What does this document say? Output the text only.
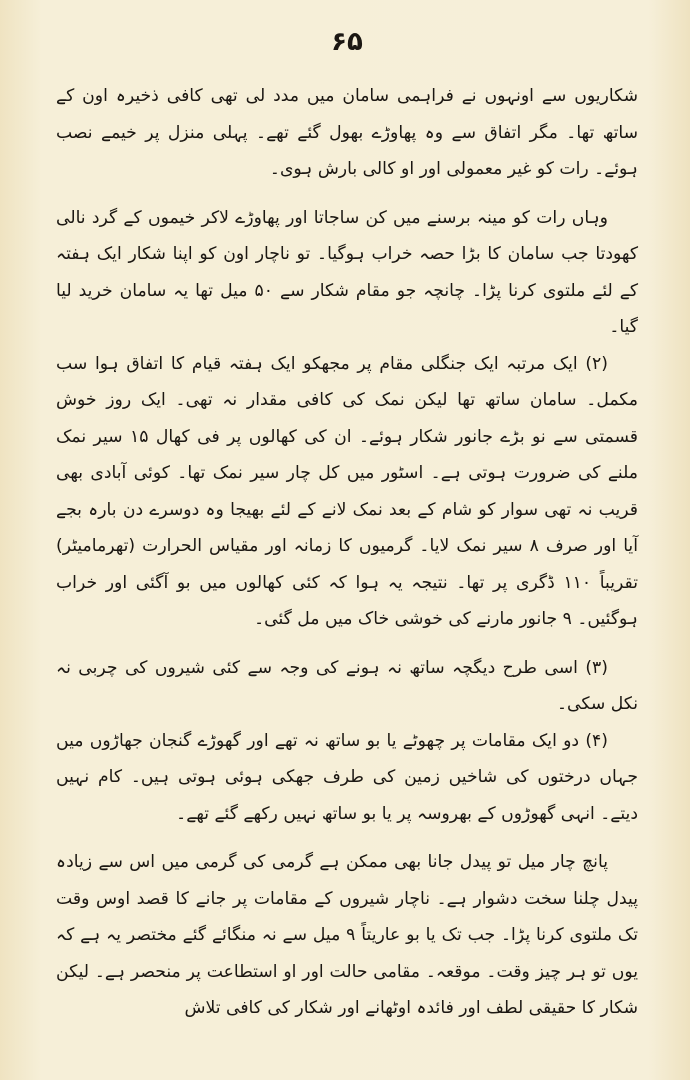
۶۵

شکاریوں سے اونہوں نے فراہمی سامان میں مدد لی تھی کافی ذخیرہ اون کے ساتھ تھا۔ مگر اتفاق سے وہ پھاوڑے بھول گئے تھے۔ پہلی منزل پر خیمے نصب ہوئے۔ رات کو غیر معمولی اور او کالی بارش ہوی۔

وہاں رات کو مینہ برسنے میں کن ساجاتا اور پھاوڑے لاکر خیموں کے گرد نالی کھودتا جب سامان کا بڑا حصہ خراب ہوگیا۔ تو ناچار اون کو اپنا شکار ایک ہفتہ کے لئے ملتوی کرنا پڑا۔ چانچہ جو مقام شکار سے ۵۰ میل تھا یہ سامان خرید لیا گیا۔

(۲) ایک مرتبہ ایک جنگلی مقام پر مجھکو ایک ہفتہ قیام کا اتفاق ہوا سب مکمل۔ سامان ساتھ تھا لیکن نمک کی کافی مقدار نہ تھی۔ ایک روز خوش قسمتی سے نو بڑے جانور شکار ہوئے۔ ان کی کھالوں پر فی کھال ۱۵ سیر نمک ملنے کی ضرورت ہوتی ہے۔ اسٹور میں کل چار سیر نمک تھا۔ کوئی آبادی بھی قریب نہ تھی سوار کو شام کے بعد نمک لانے کے لئے بھیجا وہ دوسرے دن بارہ بجے آیا اور صرف ۸ سیر نمک لایا۔ گرمیوں کا زمانہ اور مقیاس الحرارت (تھرمامیٹر) تقریباً ۱۱۰ ڈگری پر تھا۔ نتیجہ یہ ہوا کہ کئی کھالوں میں بو آگئی اور خراب ہوگئیں۔ ۹ جانور مارنے کی خوشی خاک میں مل گئی۔

(۳) اسی طرح دیگچہ ساتھ نہ ہونے کی وجہ سے کئی شیروں کی چربی نہ نکل سکی۔

(۴) دو ایک مقامات پر چھوٹے یا بو ساتھ نہ تھے اور گھوڑے گنجان جھاڑوں میں جہاں درختوں کی شاخیں زمین کی طرف جھکی ہوئی ہوتی ہیں۔ کام نہیں دیتے۔ انہی گھوڑوں کے بھروسہ پر یا بو ساتھ نہیں رکھے گئے تھے۔

پانچ چار میل تو پیدل جانا بھی ممکن ہے گرمی کی گرمی میں اس سے زیادہ پیدل چلنا سخت دشوار ہے۔ ناچار شیروں کے مقامات پر جانے کا قصد اوس وقت تک ملتوی کرنا پڑا۔ جب تک یا بو عاریتاً ۹ میل سے نہ منگائے گئے مختصر یہ ہے کہ یوں تو ہر چیز وقت۔ موقعہ۔ مقامی حالت اور او استطاعت پر منحصر ہے۔ لیکن شکار کا حقیقی لطف اور فائدہ اوٹھانے اور شکار کی کافی تلاش
